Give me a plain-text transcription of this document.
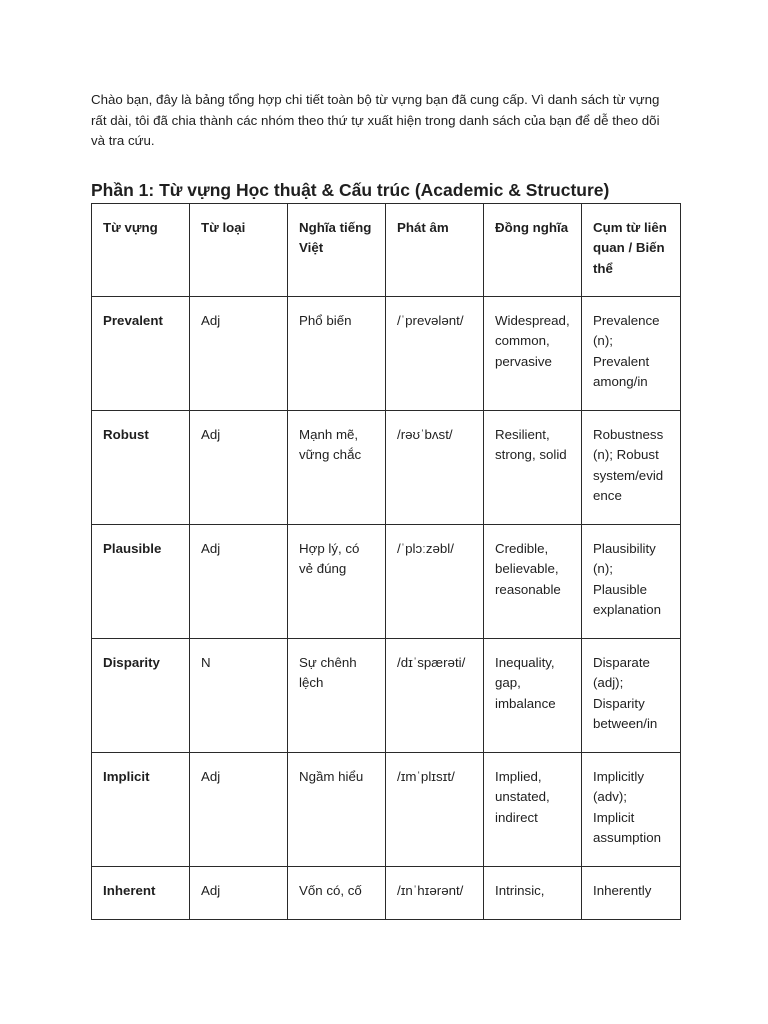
Chào bạn, đây là bảng tổng hợp chi tiết toàn bộ từ vựng bạn đã cung cấp. Vì danh sách từ vựng rất dài, tôi đã chia thành các nhóm theo thứ tự xuất hiện trong danh sách của bạn để dễ theo dõi và tra cứu.

Phần 1: Từ vựng Học thuật & Cấu trúc (Academic & Structure)
Từ vựng	Từ loại	Nghĩa tiếng Việt	Phát âm	Đồng nghĩa	Cụm từ liên quan / Biến thể
Prevalent	Adj	Phổ biến	/ˈprevələnt/	Widespread, common, pervasive	Prevalence (n); Prevalent among/in
Robust	Adj	Mạnh mẽ, vững chắc	/rəʊˈbʌst/	Resilient, strong, solid	Robustness (n); Robust system/evidence
Plausible	Adj	Hợp lý, có vẻ đúng	/ˈplɔːzəbl/	Credible, believable, reasonable	Plausibility (n); Plausible explanation
Disparity	N	Sự chênh lệch	/dɪˈspærəti/	Inequality, gap, imbalance	Disparate (adj); Disparity between/in
Implicit	Adj	Ngầm hiểu	/ɪmˈplɪsɪt/	Implied, unstated, indirect	Implicitly (adv); Implicit assumption
Inherent	Adj	Vốn có, cố	/ɪnˈhɪərənt/	Intrinsic,	Inherently
